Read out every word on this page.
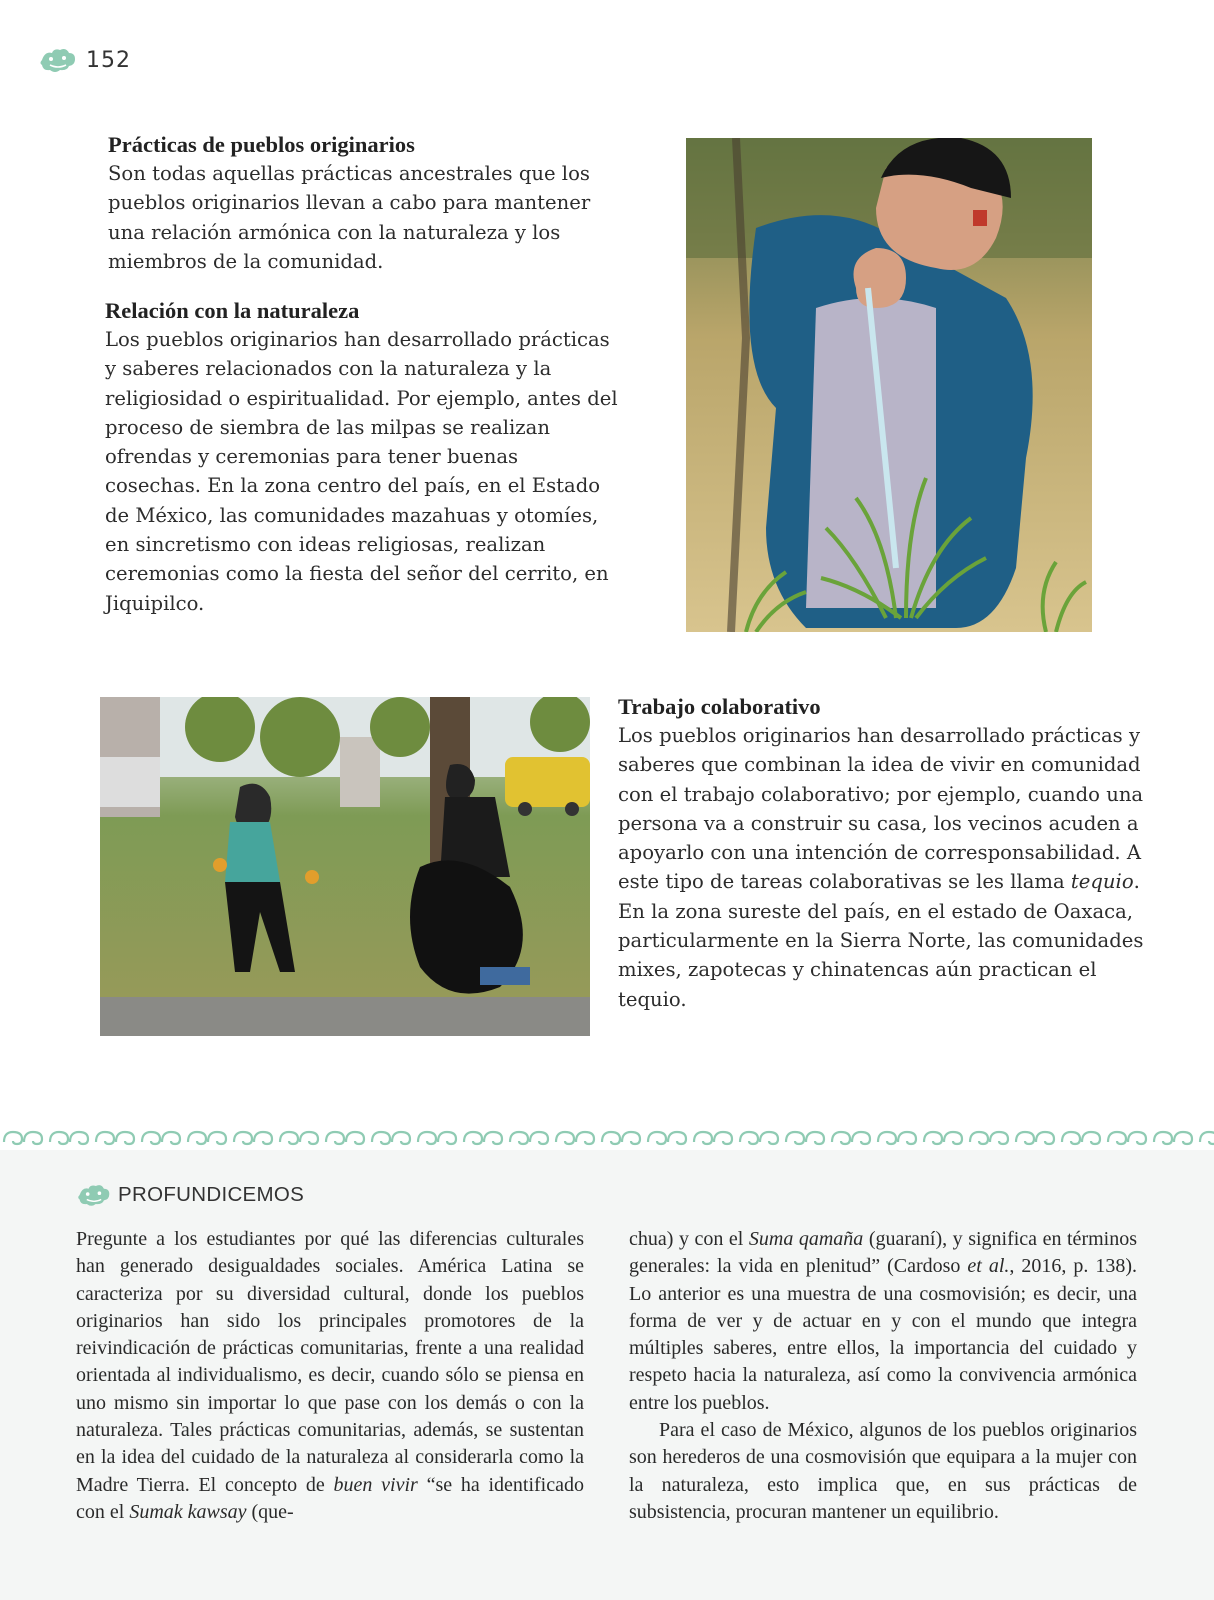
152
Prácticas de pueblos originarios

Son todas aquellas prácticas ancestrales que los pueblos originarios llevan a cabo para mantener una relación armónica con la naturaleza y los miembros de la comunidad.

Relación con la naturaleza

Los pueblos originarios han desarrollado prácticas y saberes relacionados con la naturaleza y la religiosidad o espiritualidad. Por ejemplo, antes del proceso de siembra de las milpas se realizan ofrendas y ceremonias para tener buenas cosechas. En la zona centro del país, en el Estado de México, las comunidades mazahuas y otomíes, en sincretismo con ideas religiosas, realizan ceremonias como la fiesta del señor del cerrito, en Jiquipilco.

Trabajo colaborativo

Los pueblos originarios han desarrollado prácticas y saberes que combinan la idea de vivir en comunidad con el trabajo colaborativo; por ejemplo, cuando una persona va a construir su casa, los vecinos acuden a apoyarlo con una intención de corresponsabilidad. A este tipo de tareas colaborativas se les llama tequio. En la zona sureste del país, en el estado de Oaxaca, particularmente en la Sierra Norte, las comunidades mixes, zapotecas y chinatencas aún practican el tequio.

PROFUNDICEMOS

Pregunte a los estudiantes por qué las diferencias culturales han generado desigualdades sociales. América Latina se caracteriza por su diversidad cultural, donde los pueblos originarios han sido los principales promotores de la reivindicación de prácticas comunitarias, frente a una realidad orientada al individualismo, es decir, cuando sólo se piensa en uno mismo sin importar lo que pase con los demás o con la naturaleza. Tales prácticas comunitarias, además, se sustentan en la idea del cuidado de la naturaleza al considerarla como la Madre Tierra. El concepto de buen vivir “se ha identificado con el Sumak kawsay (que-

chua) y con el Suma qamaña (guaraní), y significa en términos generales: la vida en plenitud” (Cardoso et al., 2016, p. 138). Lo anterior es una muestra de una cosmovisión; es decir, una forma de ver y de actuar en y con el mundo que integra múltiples saberes, entre ellos, la importancia del cuidado y respeto hacia la naturaleza, así como la convivencia armónica entre los pueblos.

Para el caso de México, algunos de los pueblos originarios son herederos de una cosmovisión que equipara a la mujer con la naturaleza, esto implica que, en sus prácticas de subsistencia, procuran mantener un equilibrio.
